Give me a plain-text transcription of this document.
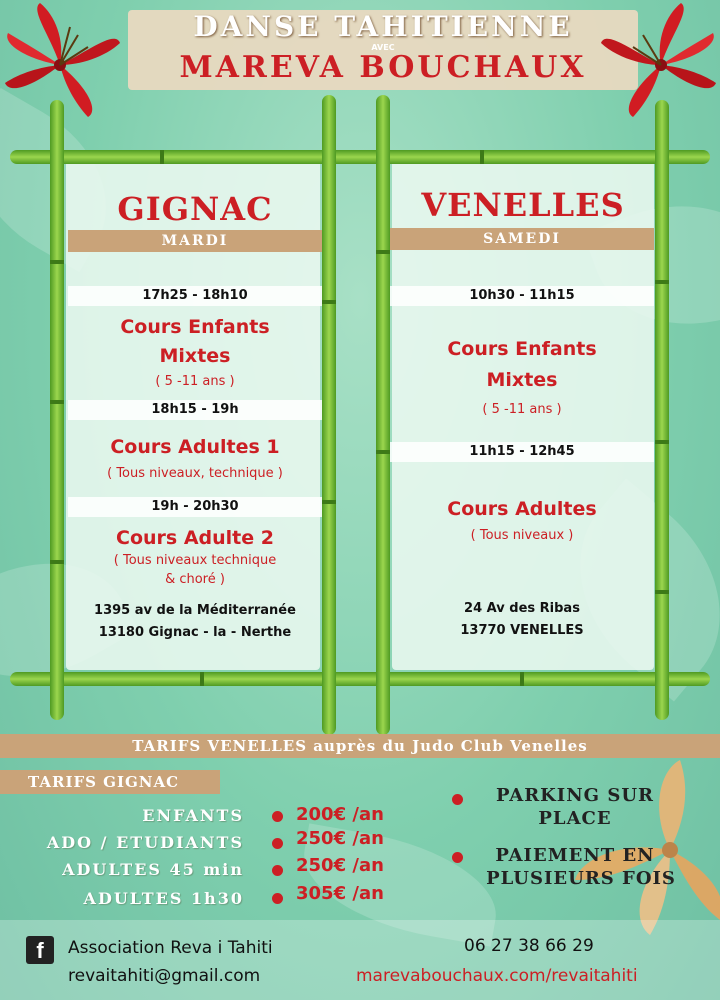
DANSE TAHITIENNE
AVEC
MAREVA BOUCHAUX
GIGNAC
MARDI
17h25 - 18h10
Cours Enfants
Mixtes
( 5 -11 ans )
18h15 - 19h
Cours Adultes 1
( Tous niveaux, technique )
19h - 20h30
Cours Adulte 2
( Tous niveaux technique
& choré )
1395 av de la Méditerranée
13180 Gignac - la - Nerthe
VENELLES
SAMEDI
10h30 - 11h15
Cours Enfants
Mixtes
( 5 -11 ans )
11h15 - 12h45
Cours Adultes
( Tous niveaux )
24 Av des Ribas
13770 VENELLES
TARIFS VENELLES auprès du Judo Club Venelles
TARIFS GIGNAC
ENFANTS	200€ /an
ADO / ETUDIANTS	250€ /an
ADULTES 45 min	250€ /an
ADULTES 1h30	305€ /an
PARKING SUR
PLACE
PAIEMENT EN
PLUSIEURS FOIS
f	Association Reva i Tahiti
revaitahiti@gmail.com
06 27 38 66 29
marevabouchaux.com/revaitahiti
